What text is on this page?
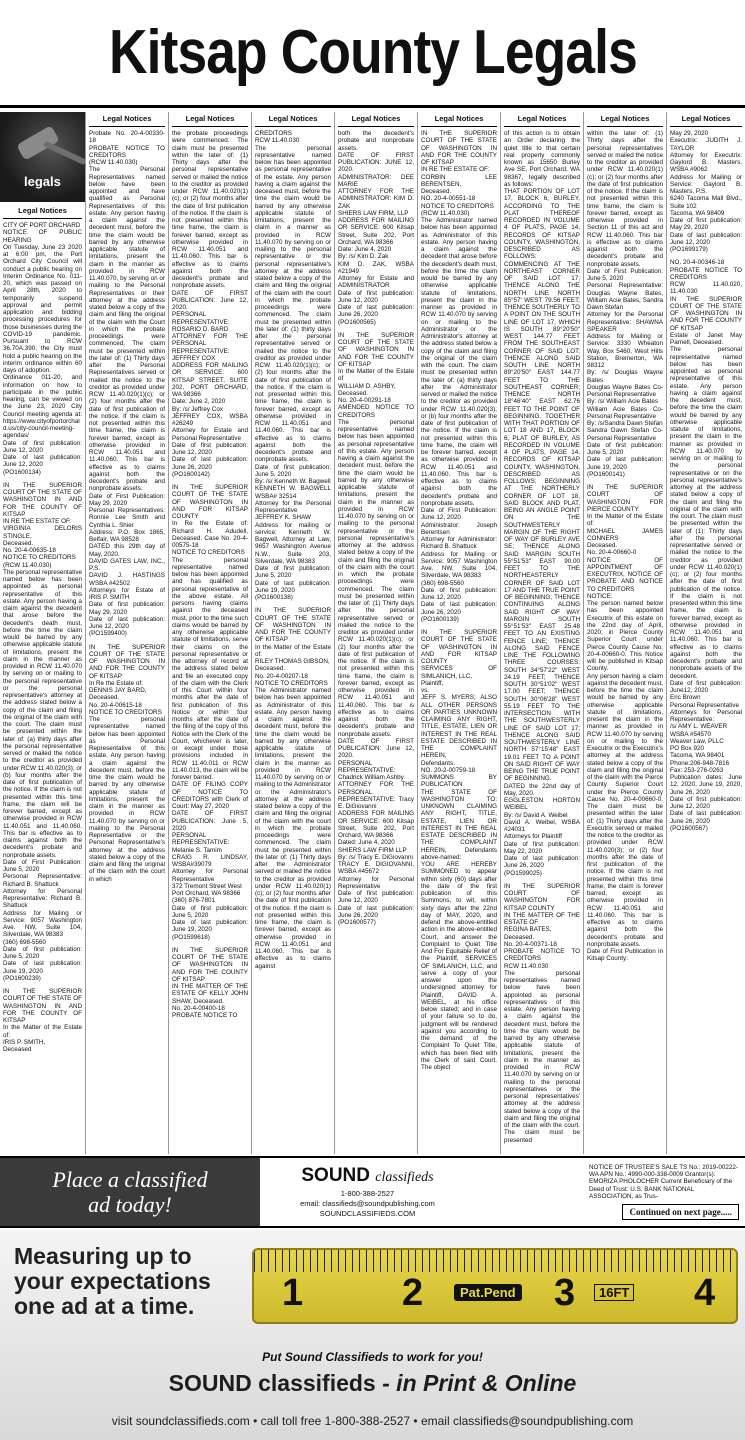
Kitsap County Legals
legals
Legal Notices
CITY OF PORT ORCHARD
NOTICE OF PUBLIC HEARING
On Tuesday, June 23 2020 at 6:00 pm, the Port Orchard City Council will conduct a public hearing on Interim Ordinance No. 011-20, which was passed on April 28th, 2020 to temporarily suspend approval and permit application and bidding processing procedures for those businesses during the COVID-19 pandemic. Pursuant to RCW 36.70A.390, the City must hold a public hearing on the interim ordinance within 60 days of adoption.
Ordinance 011-20, and information on how to participate in the public hearing, can be viewed on the June 23, 2020 City Council meeting agenda at: https://www.cityofportorchard.us/city-council-meeting-agendas/
Date of first publication: June 12, 2020
Date of last publication: June 12, 2020
(PO1600134)
IN THE SUPERIOR COURT OF THE STATE OF WASHINGTON IN AND FOR THE COUNTY OF KITSAP
IN RE THE ESTATE OF:
VIRGINIA DELORIS STINGLE,
Deceased.
No. 20-4-00635-18
NOTICE TO CREDITORS
(RCW 11.40.030)
The personal representative named below has been appointed as personal representative of this estate. Any person having a claim against the decedent that arose before the decedent's death must, before the time the claim would be barred by any otherwise applicable statute of limitations, present the claim in the manner as provided in RCW 11.40.070 by serving on or mailing to the personal representative or the personal representative's attorney at the address stated below a copy of the claim and filing the original of the claim with the court. The claim must be presented within the later of: (a) thirty days after the personal representative served or mailed the notice to the creditor as provided under RCW 11.40.020(3); or (b) four months after the date of first publication of the notice. If the claim is not presented within this time frame, the claim will be forever barred, except as otherwise provided in RCW 11.40.051 and 11.40.060. This bar is effective as to claims against both the decedent's probate and nonprobate assets.
Date of First Publication: June 5, 2020
Personal Representative: Richard B. Shattuck
Attorney for Personal Representative: Richard B. Shattuck
Address for Mailing or Service: 9057 Washington Ave. NW, Suite 104, Silverdale, WA 98383
(360) 698-5560
Date of first publication: June 5, 2020
Date of last publication: June 19, 2020
(PO1600239)
IN THE SUPERIOR COURT OF THE STATE OF WASHINGTON IN AND FOR THE COUNTY OF KITSAP
In the Matter of the Estate of:
IRIS P. SMITH,
Deceased
Legal Notices
Probate No. 20-4-00330-18
PROBATE NOTICE TO CREDITORS
(RCW 11.40.030)
The Personal Representatives named below have been appointed and have qualified as Personal Representatives of this estate. Any person having a claim against the decedent must, before the time the claim would be barred by any otherwise applicable statute of limitations, present the claim in the manner as provided in RCW 11.40.070, by serving on or mailing to the Personal Representatives or their attorney at the address stated below a copy of the claim and filing the original of the claim with the Court in which the probate proceedings were commenced. The claim must be presented within the later of: (1) Thirty days after the Personal Representatives served or mailed the notice to the creditor as provided under RCW 11.40.020(1)(c); or (2) four months after the date of first publication of the notice. If the claim is not presented within this time frame, the claim is forever barred, except as otherwise provided in RCW 11.40.051 and 11.40.060. This bar is effective as to claims against both the decedent's probate and nonprobate assets.
Date of First Publication: May 29, 2020
Personal Representatives: Ronnie Lee Smith and Cynthia L. Shier
Address: P.O. Box 1865, Belfair, WA 98528
DATED this 29th day of May, 2020.
DAVID GATES LAW, INC., P.S.
DAVID J. HASTINGS WSBA #42502
Attorneys for Estate of IRIS P. SMITH
Date of first publication: May 29, 2020
Date of last publication: June 12, 2020
(PO1599400)
IN THE SUPERIOR COURT OF THE STATE OF WASHINGTON IN AND FOR THE COUNTY OF KITSAP
In Re the Estate of:
DENNIS JAY BARD,
Deceased.
No. 20-4-00615-18
NOTICE TO CREDITORS
The personal representative named below has been appointed as Personal Representative of this estate. Any person having a claim against the decedent must, before the time the claim would be barred by any otherwise applicable statute of limitations, present the claim in the manner as provided in RCW 11.40.070 by serving on or mailing to the Personal Representative or the Personal Representative's attorney at the address stated below a copy of the claim and filing the original of the claim with the court in which
Legal Notices
the probate proceedings were commenced. The claim must be presented within the later of: (1) Thirty days after the personal representative served or mailed the notice to the creditor as provided under RCW 11.40.020(1)(c); or (2) four months after the date of first publication of the notice. If the claim is not presented within this time frame, the claim is forever barred, except as otherwise provided in RCW 11.40.051 and 11.40.060. This bar is effective as to claims against both the decedent's probate and nonprobate assets.
DATE OF FIRST PUBLICATION: June 12, 2020.
PERSONAL REPRESENTATIVE: ROSARIO D. BARD
ATTORNEY FOR THE PERSONAL REPRESENTATIVE: JEFFREY COX
ADDRESS FOR MAILING OR SERVICE: 600 KITSAP STREET, SUITE 202, PORT ORCHARD, WA 98366
Date: June 2, 2020
By: /s/ Jeffrey Cox
JEFFREY COX, WSBA #26249
Attorney for Estate and Personal Representative
Date of first publication: June 12, 2020
Date of last publication: June 26, 2020
(PO1600142)
IN THE SUPERIOR COURT OF THE STATE OF WASHINGTON IN AND FOR KITSAP COUNTY
In Re the Estate of: Richard H. Adudell, Deceased. Case No. 20-4-00575-18
NOTICE TO CREDITORS
The personal representative named below has been appointed and has qualified as personal representative of the above estate. All persons having claims against the deceased must, prior to the time such claims would be barred by any otherwise applicable statute of limitations, serve their claims on the personal representative or the attorney of record at the address stated below and file an executed copy of the claim with the Clerk of this Court within four months after the date of first publication of this Notice or within four months after the date of the filing of the copy of this Notice with the Clerk of the Court, whichever is later, or except under those provisions included in RCW 11.40.011 or RCW 11.40.013, the claim will be forever barred.
DATE OF FILING COPY OF NOTICE TO CREDITORS with Clerk of Court: May 27, 2020
DATE OF FIRST PUBLICATION: June 5, 2020
PERSONAL REPRESENTATIVE: Melanie S. Tamim
CRAIG R. LINDSAY, WSBA#39079
Attorney for Personal Representative
372 Tremont Street West
Port Orchard, WA 98366
(360) 876-7801
Date of first publication: June 5, 2020
Date of last publication: June 19, 2020
(PO1599618)
IN THE SUPERIOR COURT OF THE STATE OF WASHINGTON IN AND FOR THE COUNTY OF KITSAP
IN THE MATTER OF THE ESTATE OF KELLY JOHN SHAW, Deceased.
No. 20-4-00400-18
PROBATE NOTICE TO
Legal Notices
CREDITORS
RCW 11.40.030
The personal representative named below has been appointed as personal representative of the estate. Any person having a claim against the deceased must, before the time the claim would be barred by any otherwise applicable statute of limitations, present the claim in a manner as provided in RCW 11.40.070 by serving on or mailing to the personal representative or the personal representative's attorney at the address stated below a copy of the claim and filing the original of the claim with the court in which the probate proceedings were commenced. The claim must be presented within the later of: (1) thirty days after the personal representative served or mailed the notice to the creditor as provided under RCW 11.40.020(1)(c); or (2) four months after the date of first publication of the notice. If the claim is not presented within this time frame, the claim is forever barred, except as otherwise provided in RCW 11.40.051 and 11.40.060. This bar is effective as to claims against both the decedent's probate and nonprobate assets.
Date of first publication: June 5, 2020
By: /s/ Kenneth W. Bagwell
KENNETH W. BAGWELL WSBA# 32514
Attorney for the Personal Representative
JEFFREY K. SHAW
Address for mailing or service: Kenneth W. Bagwell, Attorney at Law, 9657 Washington Avenue N.W., Suite 203, Silverdale, WA 98383
Date of first publication: June 5, 2020
Date of last publication: June 19, 2020
(PO1600138)
IN THE SUPERIOR COURT OF THE STATE OF WASHINGTON IN AND FOR THE COUNTY OF KITSAP
In the Matter of the Estate of:
RILEY THOMAS GIBSON,
Deceased.
No. 20-4-00207-18
NOTICE TO CREDITORS
The Administrator named below has been appointed as Administrator of this estate. Any person having a claim against the decedent must, before the time the claim would be barred by any otherwise applicable statute of limitations, present the claim in the manner as provided in RCW 11.40.070 by serving on or mailing to the Administrator or the Administrator's attorney at the address stated below a copy of the claim and filing the original of the claim with the court in which the probate proceedings were commenced. The claim must be presented within the later of: (1) Thirty days after the Administrator served or mailed the notice to the creditor as provided under RCW 11.40.020(1)(c); or (2) four months after the date of first publication of the notice. If the claim is not presented within this time frame, the claim is forever barred, except as otherwise provided in RCW 11.40.051 and 11.40.060. This bar is effective as to claims against
Legal Notices
both the decedent's probate and nonprobate assets.
DATE OF FIRST PUBLICATION: JUNE 12, 2020.
ADMINISTRATOR: DEE MARIE
ATTORNEY FOR THE ADMINISTRATOR: KIM D. ZAK
SHIERS LAW FIRM, LLP
ADDRESS FOR MAILING OR SERVICE: 600 Kitsap Street, Suite 202, Port Orchard, WA 98366
Date: June 4, 2020
By: /s/ Kim D. Zak
KIM D. ZAK, WSBA #21949
Attorney for Estate and ADMINISTRATOR
Date of first publication: June 12, 2020
Date of last publication: June 26, 2020
(PO1600565)
IN THE SUPERIOR COURT OF THE STATE OF WASHINGTON IN AND FOR THE COUNTY OF KITSAP
In the Matter of the Estate of
WILLIAM D. ASHBY,
Deceased.
No. 20-4-00291-18
AMENDED NOTICE TO CREDITORS
The personal representative named below has been appointed as personal representative of this estate. Any person having a claim against the decedent must, before the time the claim would be barred by any otherwise applicable statute of limitations, present the claim in the manner as provided in RCW 11.40.070 by serving on or mailing to the personal representative or the personal representative's attorney at the address stated below a copy of the claim and filing the original of the claim with the court in which the probate proceedings were commenced. The claim must be presented within the later of: (1) Thirty days after the personal representative served or mailed the notice to the creditor as provided under RCW 11.40.020(1)(c); or (2) four months after the date of first publication of the notice. If the claim is not presented within this time frame, the claim is forever barred, except as otherwise provided in RCW 11.40.051 and 11.40.060. This bar is effective as to claims against both the decedent's probate and nonprobate assets.
DATE OF FIRST PUBLICATION: June 12, 2020.
PERSONAL REPRESENTATIVE: Chadrick William Ashby
ATTORNEY FOR THE PERSONAL REPRESENTATIVE: Tracy E. DiGiovanni
ADDRESS FOR MAILING OR SERVICE: 600 Kitsap Street, Suite 202, Port Orchard, WA 98366
Dated: June 4, 2020
SHIERS LAW FIRM LLP
By: /s/ Tracy E. DiGiovanni
TRACY E. DIGIOVANNI, WSBA #45672
Attorney for Personal Representative
Date of first publication: June 12, 2020
Date of last publication: June 26, 2020
(PO1600577)
Legal Notices
IN THE SUPERIOR COURT OF THE STATE OF WASHINGTON IN AND FOR THE COUNTY OF KITSAP
IN RE THE ESTATE OF:
CORBIN LEE BERENTSEN,
Deceased.
NO. 20-4-00551-18
NOTICE TO CREDITORS
(RCW 11.40.030)
The Administrator named below has been appointed as Administrator of this estate. Any person having a claim against the decedent that arose before the decedent's death must, before the time the claim would be barred by any otherwise applicable statute of limitations, present the claim in the manner as provided in RCW 11.40.070 by serving on or mailing to the Administrator or the Administrator's attorney at the address stated below a copy of the claim and filing the original of the claim with the court. The claim must be presented within the later of: (a) thirty days after the Administrator served or mailed the notice to the creditor as provided under RCW 11.40.020(3); or (b) four months after the date of first publication of the notice. If the claim is not presented within this time frame, the claim will be forever barred, except as otherwise provided in RCW 11.40.051 and 11.40.060. This bar is effective as to claims against both the decedent's probate and nonprobate assets.
Date of First Publication: June 12, 2020
Administrator: Joseph Berentsen
Attorney for Administrator: Richard B. Shattuck
Address for Mailing or Service: 9057 Washington Ave. NW, Suite 104, Silverdale, WA 98383
(360) 698-5560
Date of first publication: June 12, 2020
Date of last publication: June 26, 2020
(PO1600139)
IN THE SUPERIOR COURT OF THE STATE OF WASHINGTON IN AND FOR KITSAP COUNTY
SERVICES OF SIMLANICH, LLC,
Plaintiff,
vs.
JEFF S. MYERS; ALSO ALL OTHER PERSONS OR PARTIES UNKNOWN CLAIMING ANY RIGHT, TITLE, ESTATE, LIEN OR INTEREST IN THE REAL ESTATE DESCRIBED IN THE COMPLAINT HEREIN,
Defendants.
NO. 20-2-00759-18
SUMMONS BY PUBLICATION
THE STATE OF WASHINGTON TO: UNKNOWN CLAIMING ANY RIGHT, TITLE, ESTATE, LIEN OR INTEREST IN THE REAL ESTATE DESCRIBED IN THE COMPLAINT HEREIN, Defendants above-named:
YOU ARE HEREBY SUMMONED to appear within sixty (60) days after the date of the first publication of this Summons, to wit, within sixty days after the 22nd day of MAY, 2020, and defend the above-entitled action in the above-entitled Court, and answer the Complaint to Quiet Title And For Equitable Relief of the Plaintiff, SERVICES OF SIMLANICH, LLC, and serve a copy of your answer upon the undersigned attorney for Plaintiff, DAVID A. WEIBEL, at his office below stated; and in case of your failure so to do, judgment will be rendered against you according to the demand of the Complaint To Quiet Title, which has been filed with the Clerk of said Court. The object
Legal Notices
of this action is to obtain an Order declaring the quiet title to that certain real property commonly known as 15650 Burley Ave SE, Port Orchard, WA 98367, legally described as follows:
THAT PORTION OF LOT 17, BLOCK 6, BURLEY, ACCORDING TO THE PLAT THEREOF RECORDED IN VOLUME 4 OF PLATS, PAGE 14, RECORDS OF KITSAP COUNTY, WASHINGTON, DESCRIBED AS FOLLOWS: COMMENCING AT THE NORTHEAST CORNER OF SAID LOT 17; THENCE ALONG THE NORTH LINE NORTH 85°57' WEST 79.56 FEET; THENCE SOUTHERLY TO A POINT ON THE SOUTH LINE OF LOT 17, WHICH IS SOUTH 89°20'50" WEST 144.77 FEET FROM THE SOUTHEAST CORNER OF SAID LOT; THENCE ALONG SAID SOUTH LINE NORTH 89°20'50" EAST 144.77 FEET TO THE SOUTHEAST CORNER; THENCE NORTH 18°46'40" EAST 62.76 FEET TO THE POINT OF BEGINNING. TOGETHER WITH THAT PORTION OF LOT 18 AND 17, BLOCK 6, PLAT OF BURLEY, AS RECORDED IN VOLUME 4 OF PLATS, PAGE 14, RECORDS OF KITSAP COUNTY, WASHINGTON, DESCRIBED AS FOLLOWS: BEGINNING AT THE NORTHERLY CORNER OF LOT 18, SAID BLOCK AND PLAT, BEING AN ANGLE POINT ON THE SOUTHWESTERLY MARGIN OF THE RIGHT OF WAY OF BURLEY AVE SE; THENCE ALONG SAID MARGIN SOUTH 55°51'53" EAST 90.00 FEET TO THE NORTHEASTERLY CORNER OF SAID LOT 17 AND THE TRUE POINT OF BEGINNING; THENCE CONTINUING ALONG SAID RIGHT OF WAY MARGIN SOUTH 55°51'53" EAST 25.48 FEET TO AN EXISTING FENCE LINE; THENCE ALONG SAID FENCE LINE THE FOLLOWING THREE COURSES: SOUTH 34°57'22" WEST 24.19 FEET; THENCE SOUTH 30°51'02" WEST 17.00 FEET; THENCE SOUTH 30°06'28" WEST 55.19 FEET TO THE INTERSECTION WITH THE SOUTHWESTERLY LINE OF SAID LOT 17; THENCE ALONG SAID SOUTHWESTERLY LINE NORTH 57°15'48" EAST 19.01 FEET TO A POINT ON SAID RIGHT OF WAY BEING THE TRUE POINT OF BEGINNING.
DATED the 22nd day of May, 2020.
EGGLESTON HORTON WEIBEL
By: /s/ David A. Weibel
David A. Weibel, WSBA #24031
Attorneys for Plaintiff
Date of first publication: May 22, 2020
Date of last publication: June 26, 2020
(PO1599025)
IN THE SUPERIOR COURT OF WASHINGTON FOR KITSAP COUNTY
IN THE MATTER OF THE ESTATE OF
REGINA BATES,
Deceased.
No. 20-4-00371-18
PROBATE NOTICE TO CREDITORS
RCW 11.40.030
The personal representatives named below have been appointed as personal representatives of this estate. Any person having a claim against the decedent must, before the time the claim would be barred by any otherwise applicable statute of limitations, present the claim in the manner as provided in RCW 11.40.070 by serving on or mailing to the personal representatives or the personal representatives' attorney at the address stated below a copy of the claim and filing the original of the claim with the court. The claim must be presented
Legal Notices
within the later of: (1) Thirty days after the personal representatives served or mailed the notice to the creditor as provided under RCW 11.40.020(1)(c); or (2) four months after the date of first publication of the notice. If the claim is not presented within this time frame, the claim is forever barred, except as otherwise provided in Section 11 of this act and RCW 11.40.060. This bar is effective as to claims against both the decedent's probate and nonprobate assets.
Date of First Publication: June 5, 2020
Personal Representative: Douglas Wayne Bates, William Acie Bates, Sandra Dawn Stefan
Attorney for the Personal Representative: SHAWNA SPEAKER
Address for Mailing or Service: 3330 Wheaton Way, Box 5460, West Hills Station, Bremerton, WA 98312
By: /s/ Douglas Wayne Bates
Douglas Wayne Bates Co-Personal Representative
By: /s/ William Acie Bates
William Acie Bates Co-Personal Representative
By: /s/Sandra Dawn Stefan
Sandra Dawn Stefan Co-Personal Representative
Date of first publication: June 5, 2020
Date of last publication: June 19, 2020
(PO1600141)
IN THE SUPERIOR COURT OF WASHINGTON FOR PIERCE COUNTY
In the Matter of the Estate of:
MICHAEL JAMES CONNERS
Deceased.
No. 20-4-00660-0
NOTICE OF APPOINTMENT OF EXECUTRIX, NOTICE OF PROBATE AND NOTICE TO CREDITORS
NOTICE:
The person named below has been appointed Executrix of this estate on the 22nd day of April, 2020, in Pierce County Superior Court under Pierce County Cause No. 20-4-00660-0. This Notice will be published in Kitsap County.
Any person having a claim against the decedent must, before the time the claim would be barred by any otherwise applicable statute of limitations, present the claim in the manner as provided in RCW 11.40.070 by serving on or mailing to the Executrix or the Executrix's attorney at the address stated below a copy of the claim and filing the original of the claim with the Pierce County Superior Court under the Pierce County Cause No. 20-4-00660-0. The claim must be presented within the later of: (1) Thirty days after the Executrix served or mailed the notice to the creditor as provided under RCW 11.40.020(3); or (2) four months after the date of first publication of the notice. If the claim is not presented within this time frame, the claim is forever barred, except as otherwise provided in RCW 11.40.051 and 11.40.060. This bar is effective as to claims against both the decedent's probate and nonprobate assets.
Date of First Publication in Kitsap County:
Legal Notices
May 29, 2020
Executrix: JUDITH J. TAYLOR
Attorney for Executrix: Gaylord B. Masters, WSBA #9062
Address for Mailing or Service: Gaylord B. Masters, P.S.
6240 Tacoma Mall Blvd., Suite 102
Tacoma, WA 98409
Date of first publication: May 29, 2020
Date of last publication: June 12, 2020
(PO1699179)
NO. 20-4-00346-18
PROBATE NOTICE TO CREDITORS
RCW 11.40.020, 11.40.030
IN THE SUPERIOR COURT OF THE STATE OF WASHINGTON IN AND FOR THE COUNTY OF KITSAP
Estate of Janet May Parnell, Deceased.
The personal representative named below has been appointed as personal representative of this estate. Any person having a claim against the decedent must, before the time the claim would be barred by any otherwise applicable statute of limitations, present the claim in the manner as provided in RCW 11.40.070 by serving on or mailing to the personal representative or on the personal representative's attorney at the address stated below a copy of the claim and filing the original of the claim with the court. The claim must be presented within the later of (1): Thirty days after the personal representative served or mailed the notice to the creditor as provided under RCW 11.40.020(1)(c); or (2) four months after the date of first publication of the notice. If the claim is not presented within this time frame, the claim is forever barred, except as otherwise provided in RCW 11.40.051 and 11.40.060. This bar is effective as to claims against both the decedent's probate and nonprobate assets of the decedent.
Date of first publication: June12, 2020
Eric Brown
Personal Representative
Attorneys for Personal Representative:
/s/ AMY L. WEAVER
WSBA #54570
Weaver Law, PLLC
PO Box 920
Tacoma, WA 98401
Phone:206-948-7816
Fax: 253-276-0263
Publication dates: June 12, 2020, June 19, 2020, June 26, 2020
Date of first publication: June 12, 2020
Date of last publication: June 26, 2020
(PO1600567)
Place a classified
ad today!
SOUND classifieds
1-800-388-2527
email: classifieds@soundpublishing.com
SOUNDCLASSIFIEDS.COM
NOTICE OF TRUSTEE'S SALE TS No.: 2019-00222-WA APN No.: 4990-000-338-0009 Grantor(s): EMORIZA PHOLOCHER Current Beneficiary of the Deed of Trust: U.S. BANK NATIONAL ASSOCIATION, as Trus-
Continued on next page.....
Measuring up to your expectations one ad at a time.	1	2	3	4
Pat.Pend	16FT
Put Sound Classifieds to work for you!
SOUND classifieds - in Print & Online
visit soundclassifieds.com • call toll free 1-800-388-2527 • email classifieds@soundpublishing.com
